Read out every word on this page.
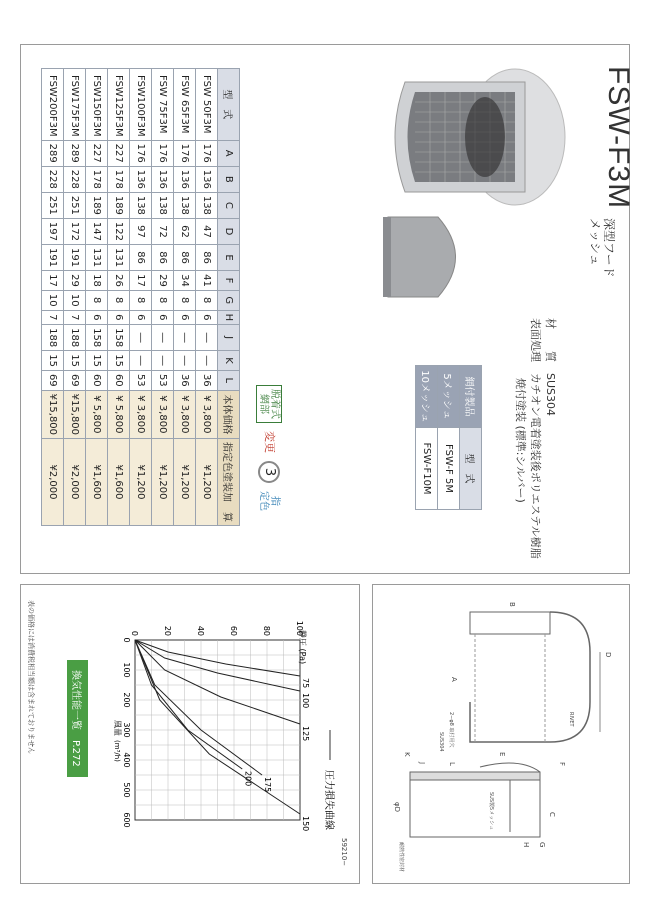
FSW-F3M
深型フード
メッシュ
材　　質　SUS304
表面処理　カチオン電着塗装後ポリエステル樹脂
焼付塗装 (標準:シルバー)
網付製品	型　式
5メッシュ	FSW-F 5M
10メッシュ	FSW-F10M
脱着式
網部
変更
3
指
定色
型　式	A	B	C	D	E	F	G	H	J	K	L	本体価格	指定色塗装加　算
FSW 50F3M	176	136	138	47	86	41	8	6	―	―	36	¥ 3,800	¥1,200
FSW 65F3M	176	136	138	62	86	34	8	6	―	―	36	¥ 3,800	¥1,200
FSW 75F3M	176	136	138	72	86	29	8	6	―	―	53	¥ 3,800	¥1,200
FSW100F3M	176	136	138	97	86	17	8	6	―	―	53	¥ 3,800	¥1,200
FSW125F3M	227	178	189	122	131	26	8	6	158	15	60	¥ 5,800	¥1,600
FSW150F3M	227	178	189	147	131	18	8	6	158	15	60	¥ 5,800	¥1,600
FSW175F3M	289	228	251	172	191	29	10	7	188	15	69	¥15,800	¥2,000
FSW200F3M	289	228	251	197	191	17	10	7	188	15	69	¥15,800	¥2,000
圧力損失曲線
静圧 (Pa)
75
100
125
150
175
200
0
100
200
300
400
500
600
0	20	40	60	80	100
風量
(m³/h)
換気性能一覧　P.272
表の価格には消費税相当額は含まれておりません	A
B
C
D
E
F
G
H
J
K
L
φD
RIVET
2−φ8 取付用穴
SUS304
SUS製5メッシュ
耐熱性密封材
59210−
